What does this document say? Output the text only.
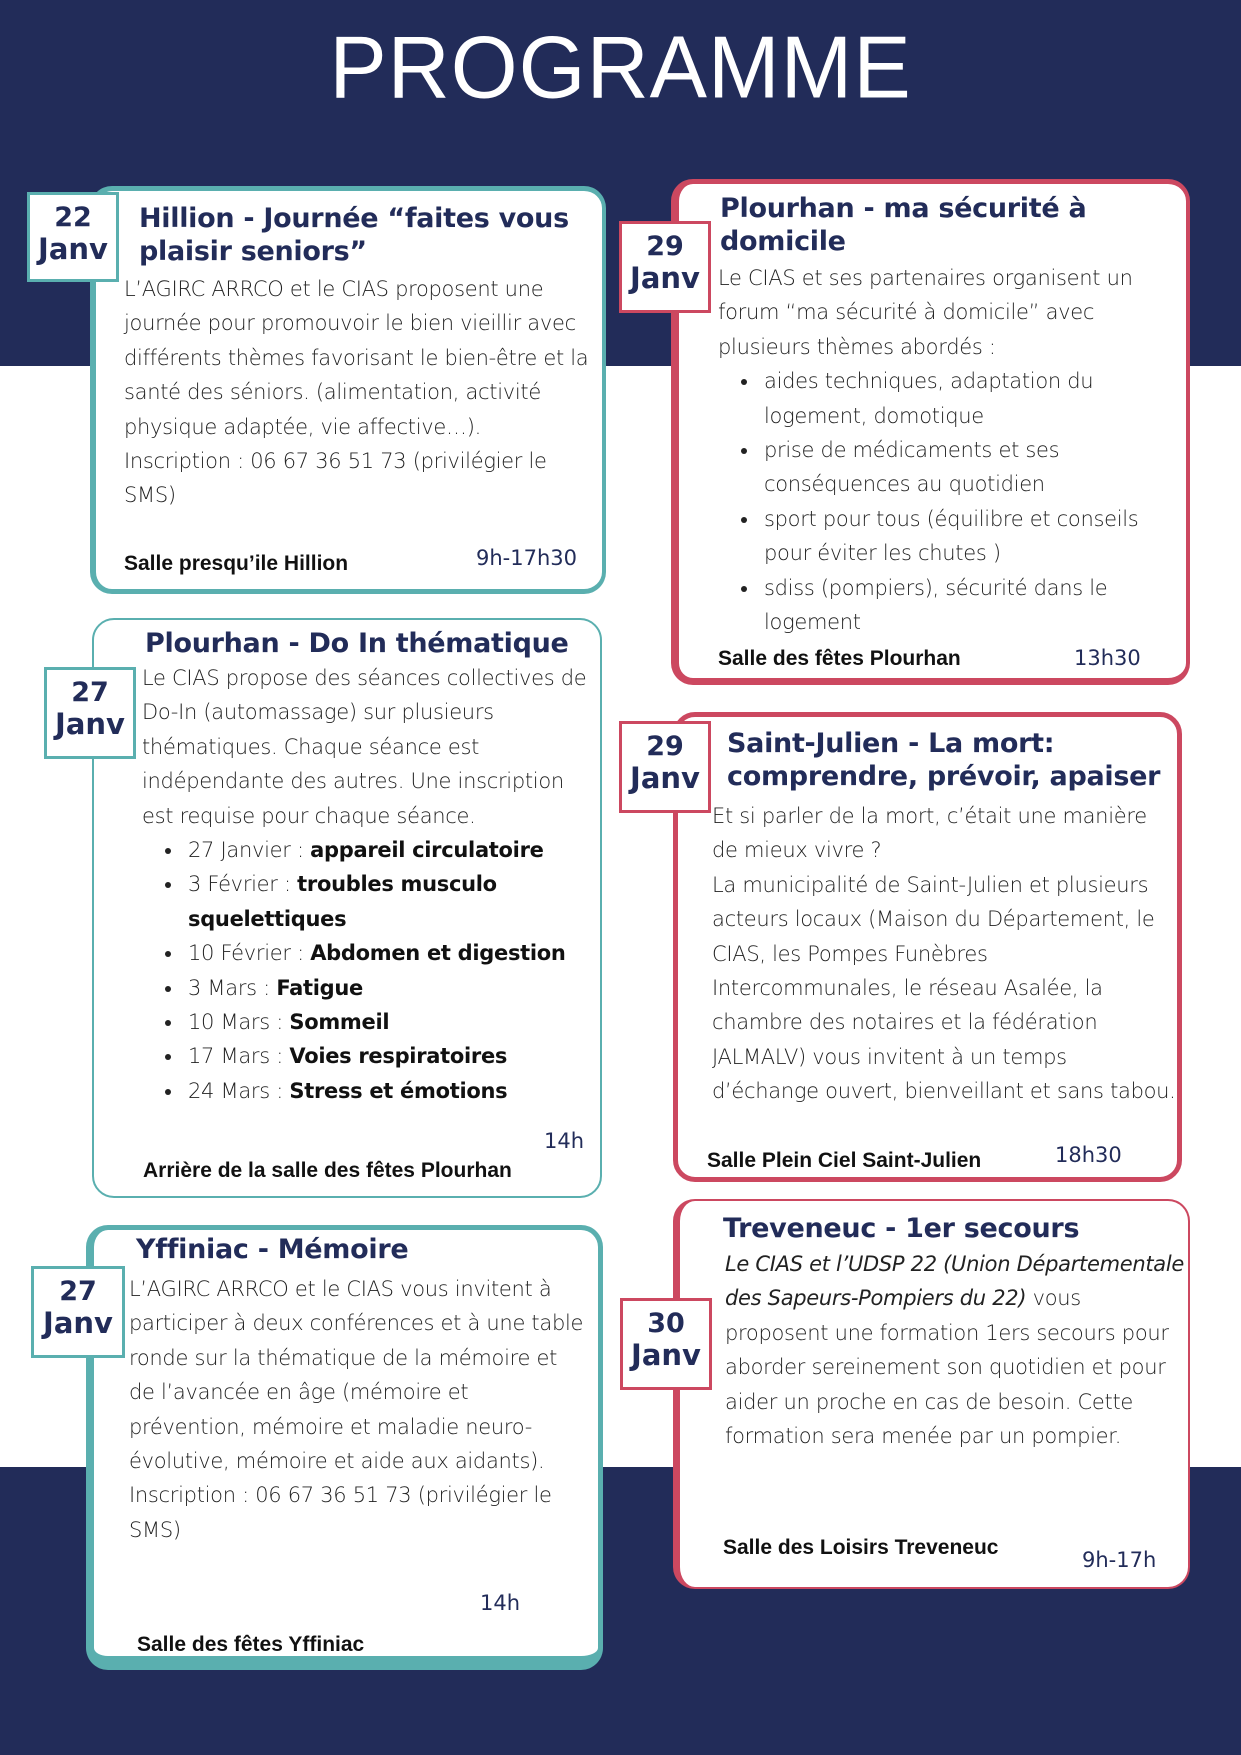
PROGRAMME
22
Janv
Hillion - Journée “faites vous plaisir seniors”

L’AGIRC ARRCO et le CIAS proposent une journée pour promouvoir le bien vieillir avec différents thèmes favorisant le bien-être et la santé des séniors. (alimentation, activité physique adaptée, vie affective…).

Inscription : 06 67 36 51 73 (privilégier le SMS)

Salle presqu’ile Hillion	9h-17h30
29
Janv
Plourhan - ma sécurité à domicile

Le CIAS et ses partenaires organisent un forum “ma sécurité à domicile” avec plusieurs thèmes abordés :

• aides techniques, adaptation du logement, domotique
• prise de médicaments et ses conséquences au quotidien
• sport pour tous (équilibre et conseils pour éviter les chutes )
• sdiss (pompiers), sécurité dans le logement
Salle des fêtes Plourhan	13h30
27
Janv
Plourhan - Do In thématique

Le CIAS propose des séances collectives de Do-In (automassage) sur plusieurs thématiques. Chaque séance est indépendante des autres. Une inscription est requise pour chaque séance.

• 27 Janvier : appareil circulatoire
• 3 Février : troubles musculo squelettiques
• 10 Février : Abdomen et digestion
• 3 Mars : Fatigue
• 10 Mars : Sommeil
• 17 Mars : Voies respiratoires
• 24 Mars : Stress et émotions
Arrière de la salle des fêtes Plourhan
14h
29
Janv
Saint-Julien - La mort: comprendre, prévoir, apaiser

Et si parler de la mort, c’était une manière de mieux vivre ?

La municipalité de Saint-Julien et plusieurs acteurs locaux (Maison du Département, le CIAS, les Pompes Funèbres Intercommunales, le réseau Asalée, la chambre des notaires et la fédération JALMALV) vous invitent à un temps d’échange ouvert, bienveillant et sans tabou.

Salle Plein Ciel Saint-Julien	18h30
27
Janv
Yffiniac - Mémoire

L’AGIRC ARRCO et le CIAS vous invitent à participer à deux conférences et à une table ronde sur la thématique de la mémoire et de l’avancée en âge (mémoire et prévention, mémoire et maladie neuro-évolutive, mémoire et aide aux aidants).

Inscription : 06 67 36 51 73 (privilégier le SMS)

14h
Salle des fêtes Yffiniac
30
Janv
Treveneuc - 1er secours

Le CIAS et l’UDSP 22 (Union Départementale des Sapeurs-Pompiers du 22) vous proposent une formation 1ers secours pour aborder sereinement son quotidien et pour aider un proche en cas de besoin. Cette formation sera menée par un pompier.

Salle des Loisirs Treveneuc
9h-17h
